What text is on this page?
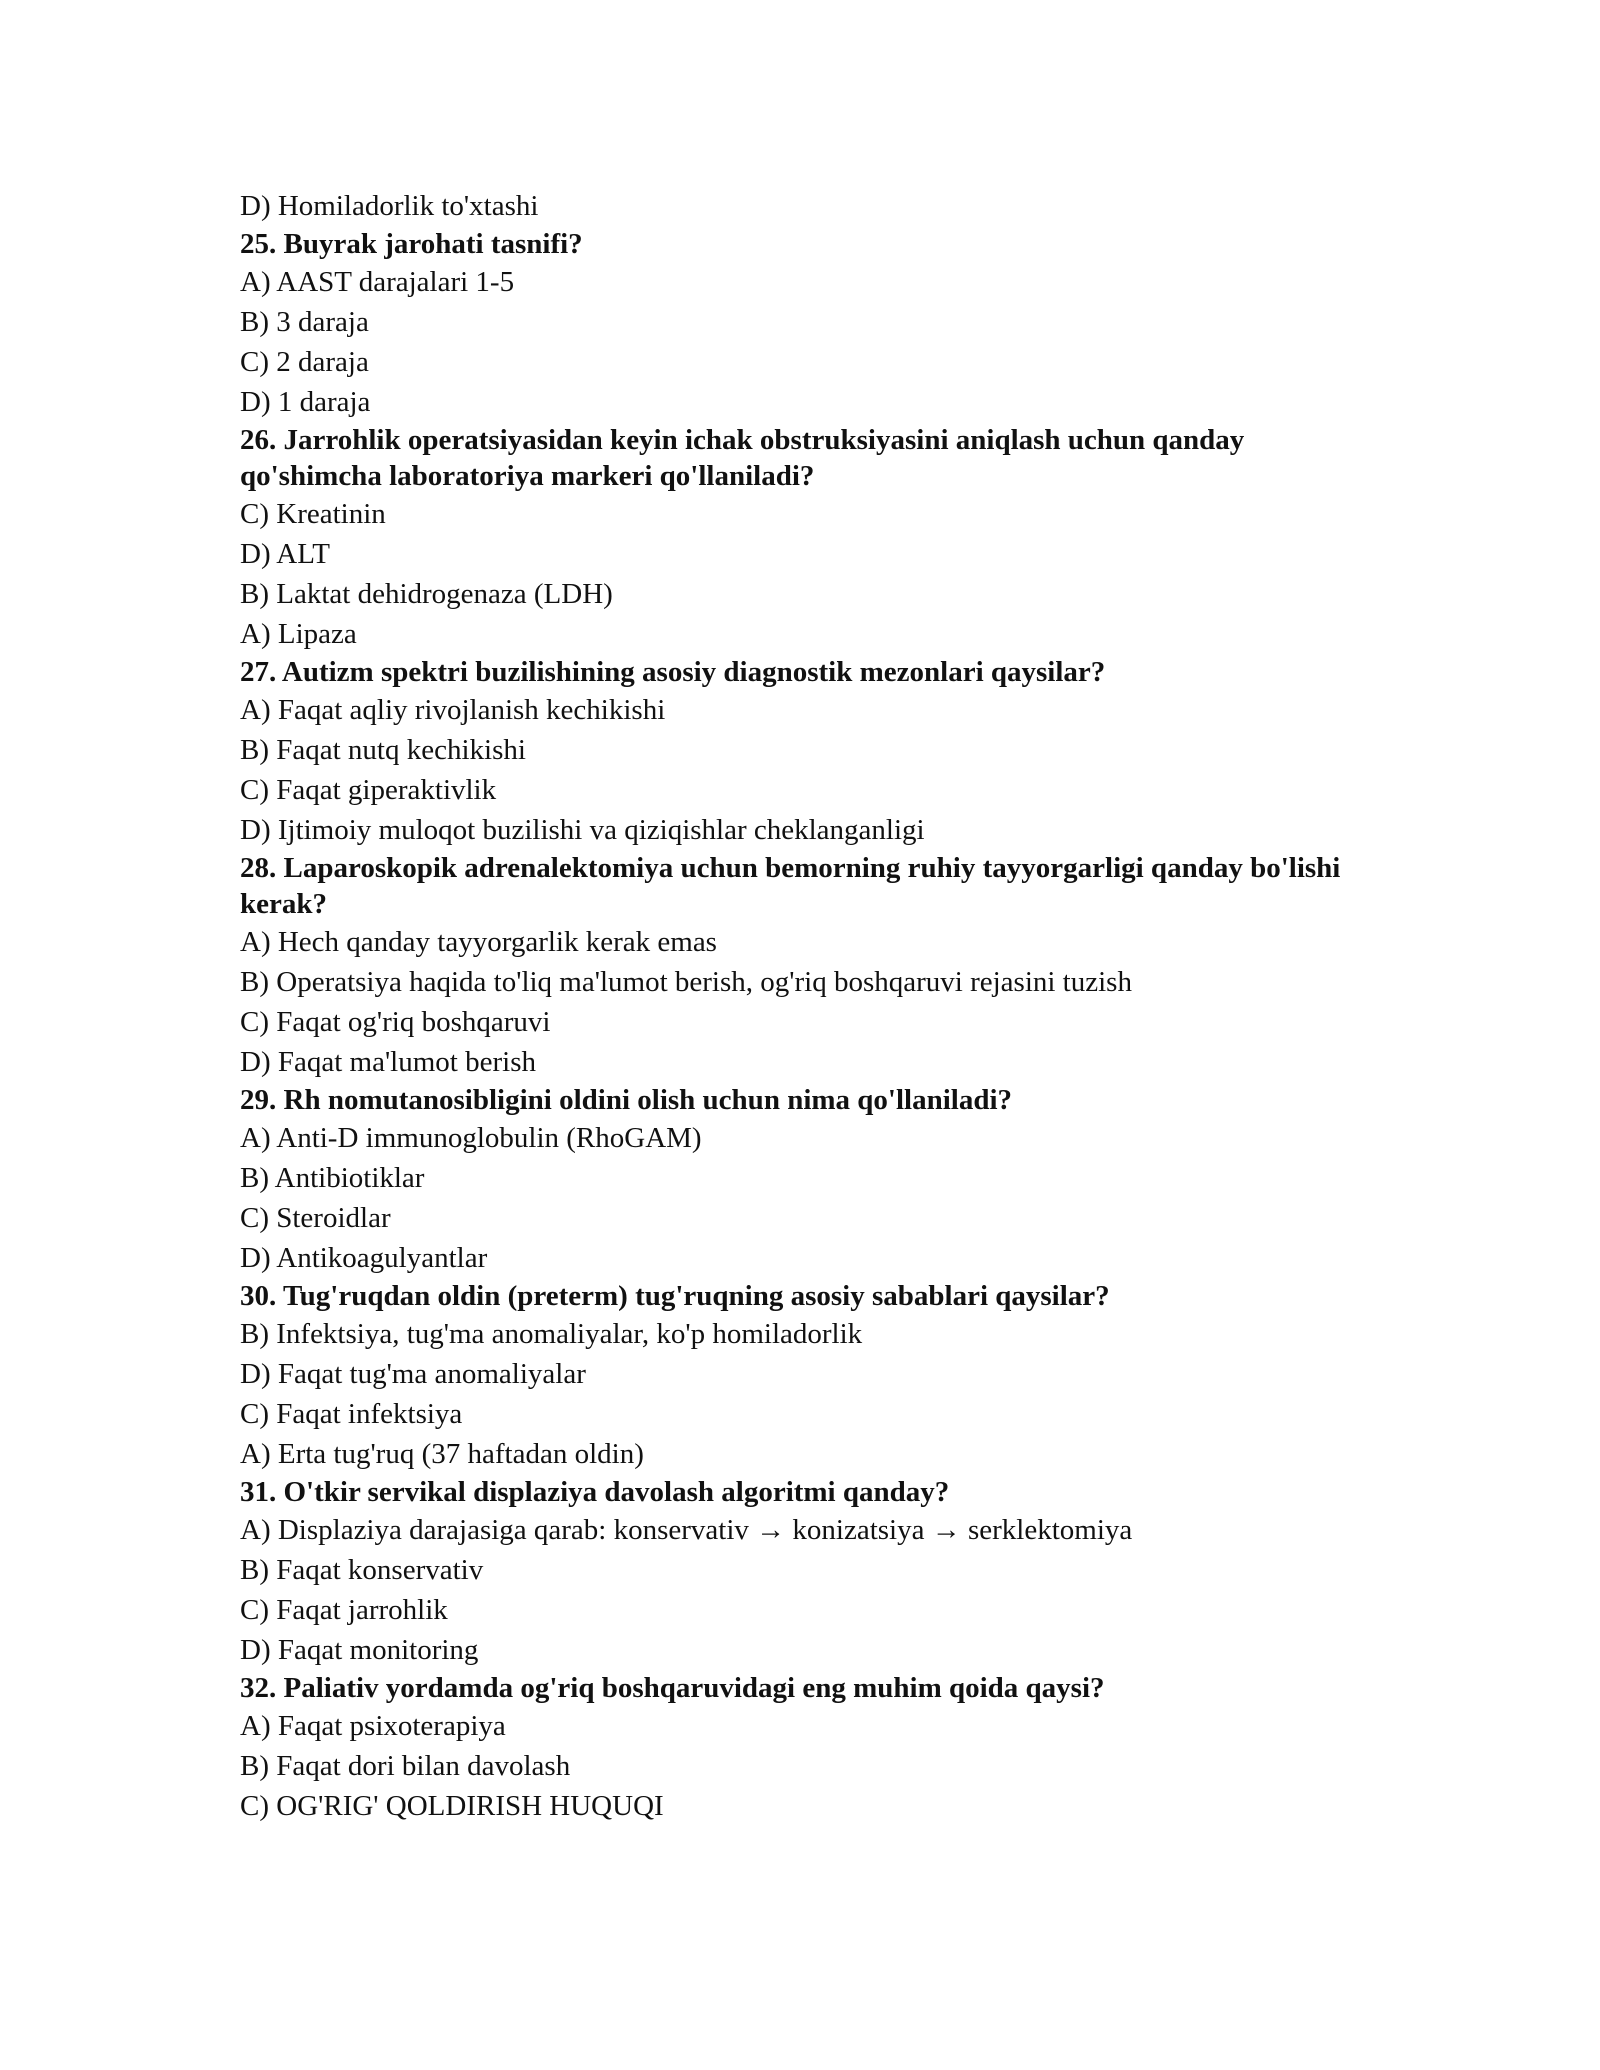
D) Homiladorlik to'xtashi
25. Buyrak jarohati tasnifi?
A) AAST darajalari 1-5
B) 3 daraja
C) 2 daraja
D) 1 daraja
26. Jarrohlik operatsiyasidan keyin ichak obstruksiyasini aniqlash uchun qanday qo'shimcha laboratoriya markeri qo'llaniladi?
C) Kreatinin
D) ALT
B) Laktat dehidrogenaza (LDH)
A) Lipaza
27. Autizm spektri buzilishining asosiy diagnostik mezonlari qaysilar?
A) Faqat aqliy rivojlanish kechikishi
B) Faqat nutq kechikishi
C) Faqat giperaktivlik
D) Ijtimoiy muloqot buzilishi va qiziqishlar cheklanganligi
28. Laparoskopik adrenalektomiya uchun bemorning ruhiy tayyorgarligi qanday bo'lishi kerak?
A) Hech qanday tayyorgarlik kerak emas
B) Operatsiya haqida to'liq ma'lumot berish, og'riq boshqaruvi rejasini tuzish
C) Faqat og'riq boshqaruvi
D) Faqat ma'lumot berish
29. Rh nomutanosibligini oldini olish uchun nima qo'llaniladi?
A) Anti-D immunoglobulin (RhoGAM)
B) Antibiotiklar
C) Steroidlar
D) Antikoagulyantlar
30. Tug'ruqdan oldin (preterm) tug'ruqning asosiy sabablari qaysilar?
B) Infektsiya, tug'ma anomaliyalar, ko'p homiladorlik
D) Faqat tug'ma anomaliyalar
C) Faqat infektsiya
A) Erta tug'ruq (37 haftadan oldin)
31. O'tkir servikal displaziya davolash algoritmi qanday?
A) Displaziya darajasiga qarab: konservativ → konizatsiya → serklektomiya
B) Faqat konservativ
C) Faqat jarrohlik
D) Faqat monitoring
32. Paliativ yordamda og'riq boshqaruvidagi eng muhim qoida qaysi?
A) Faqat psixoterapiya
B) Faqat dori bilan davolash
C) OG'RIG' QOLDIRISH HUQUQI
